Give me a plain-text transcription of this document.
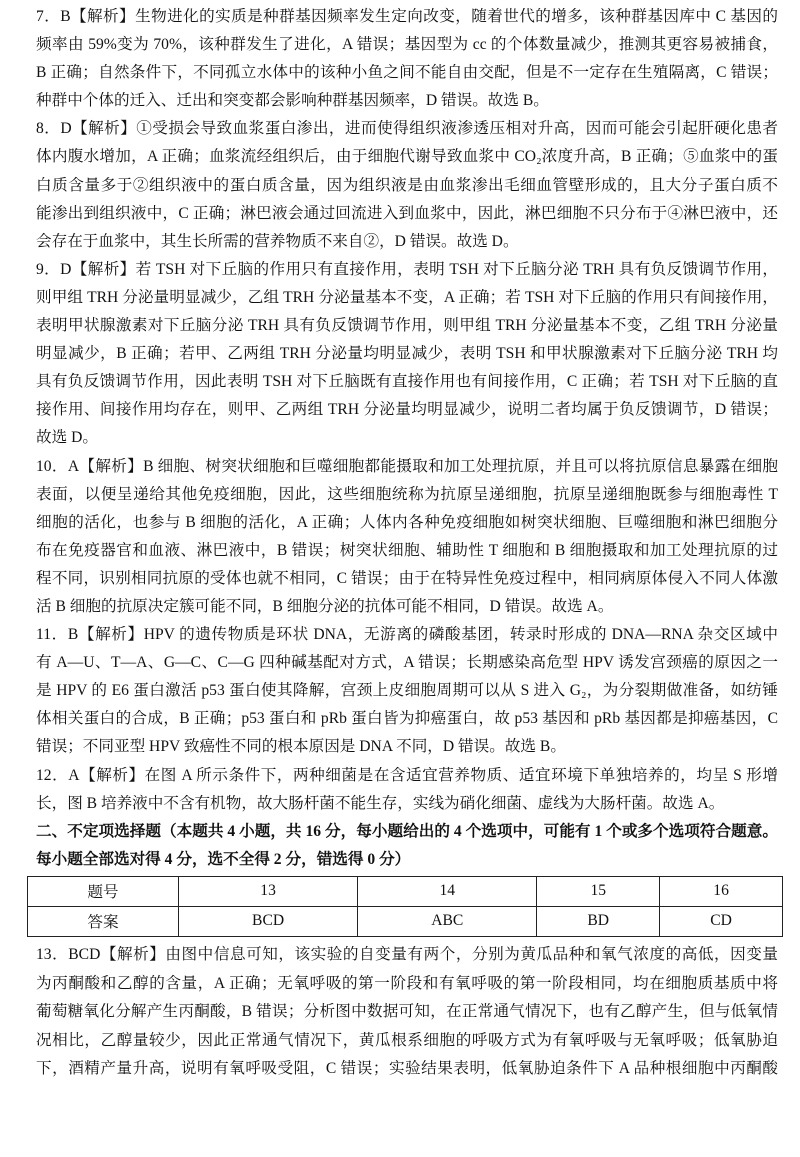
7．B【解析】生物进化的实质是种群基因频率发生定向改变，随着世代的增多，该种群基因库中 C 基因的
频率由 59%变为 70%，该种群发生了进化，A 错误；基因型为 cc 的个体数量减少，推测其更容易被捕食，
B 正确；自然条件下，不同孤立水体中的该种小鱼之间不能自由交配，但是不一定存在生殖隔离，C 错误；
种群中个体的迁入、迁出和突变都会影响种群基因频率，D 错误。故选 B。
8．D【解析】①受损会导致血浆蛋白渗出，进而使得组织液渗透压相对升高，因而可能会引起肝硬化患者
体内腹水增加，A 正确；血浆流经组织后，由于细胞代谢导致血浆中 CO₂浓度升高，B 正确；⑤血浆中的蛋
白质含量多于②组织液中的蛋白质含量，因为组织液是由血浆渗出毛细血管壁形成的，且大分子蛋白质不
能渗出到组织液中，C 正确；淋巴液会通过回流进入到血浆中，因此，淋巴细胞不只分布于④淋巴液中，还
会存在于血浆中，其生长所需的营养物质不来自②，D 错误。故选 D。
9．D【解析】若 TSH 对下丘脑的作用只有直接作用，表明 TSH 对下丘脑分泌 TRH 具有负反馈调节作用，
则甲组 TRH 分泌量明显减少，乙组 TRH 分泌量基本不变，A 正确；若 TSH 对下丘脑的作用只有间接作用，
表明甲状腺激素对下丘脑分泌 TRH 具有负反馈调节作用，则甲组 TRH 分泌量基本不变，乙组 TRH 分泌量
明显减少，B 正确；若甲、乙两组 TRH 分泌量均明显减少，表明 TSH 和甲状腺激素对下丘脑分泌 TRH 均
具有负反馈调节作用，因此表明 TSH 对下丘脑既有直接作用也有间接作用，C 正确；若 TSH 对下丘脑的直
接作用、间接作用均存在，则甲、乙两组 TRH 分泌量均明显减少，说明二者均属于负反馈调节，D 错误；
故选 D。
10．A【解析】B 细胞、树突状细胞和巨噬细胞都能摄取和加工处理抗原，并且可以将抗原信息暴露在细胞
表面，以便呈递给其他免疫细胞，因此，这些细胞统称为抗原呈递细胞，抗原呈递细胞既参与细胞毒性 T
细胞的活化，也参与 B 细胞的活化，A 正确；人体内各种免疫细胞如树突状细胞、巨噬细胞和淋巴细胞分
布在免疫器官和血液、淋巴液中，B 错误；树突状细胞、辅助性 T 细胞和 B 细胞摄取和加工处理抗原的过
程不同，识别相同抗原的受体也就不相同，C 错误；由于在特异性免疫过程中，相同病原体侵入不同人体激
活 B 细胞的抗原决定簇可能不同，B 细胞分泌的抗体可能不相同，D 错误。故选 A。
11．B【解析】HPV 的遗传物质是环状 DNA，无游离的磷酸基团，转录时形成的 DNA—RNA 杂交区域中
有 A—U、T—A、G—C、C—G 四种碱基配对方式，A 错误；长期感染高危型 HPV 诱发宫颈癌的原因之一
是 HPV 的 E6 蛋白激活 p53 蛋白使其降解，宫颈上皮细胞周期可以从 S 进入 G₂，为分裂期做准备，如纺锤
体相关蛋白的合成，B 正确；p53 蛋白和 pRb 蛋白皆为抑癌蛋白，故 p53 基因和 pRb 基因都是抑癌基因，C
错误；不同亚型 HPV 致癌性不同的根本原因是 DNA 不同，D 错误。故选 B。
12．A【解析】在图 A 所示条件下，两种细菌是在含适宜营养物质、适宜环境下单独培养的，均呈 S 形增
长，图 B 培养液中不含有机物，故大肠杆菌不能生存，实线为硝化细菌、虚线为大肠杆菌。故选 A。
二、不定项选择题（本题共 4 小题，共 16 分，每小题给出的 4 个选项中，可能有 1 个或多个选项符合题意。
每小题全部选对得 4 分，选不全得 2 分，错选得 0 分）
题号	13	14	15	16
答案	BCD	ABC	BD	CD
13．BCD【解析】由图中信息可知，该实验的自变量有两个，分别为黄瓜品种和氧气浓度的高低，因变量
为丙酮酸和乙醇的含量，A 正确；无氧呼吸的第一阶段和有氧呼吸的第一阶段相同，均在细胞质基质中将
葡萄糖氧化分解产生丙酮酸，B 错误；分析图中数据可知，在正常通气情况下，也有乙醇产生，但与低氧情
况相比，乙醇量较少，因此正常通气情况下，黄瓜根系细胞的呼吸方式为有氧呼吸与无氧呼吸；低氧胁迫
下，酒精产量升高，说明有氧呼吸受阻，C 错误；实验结果表明，低氧胁迫条件下 A 品种根细胞中丙酮酸
